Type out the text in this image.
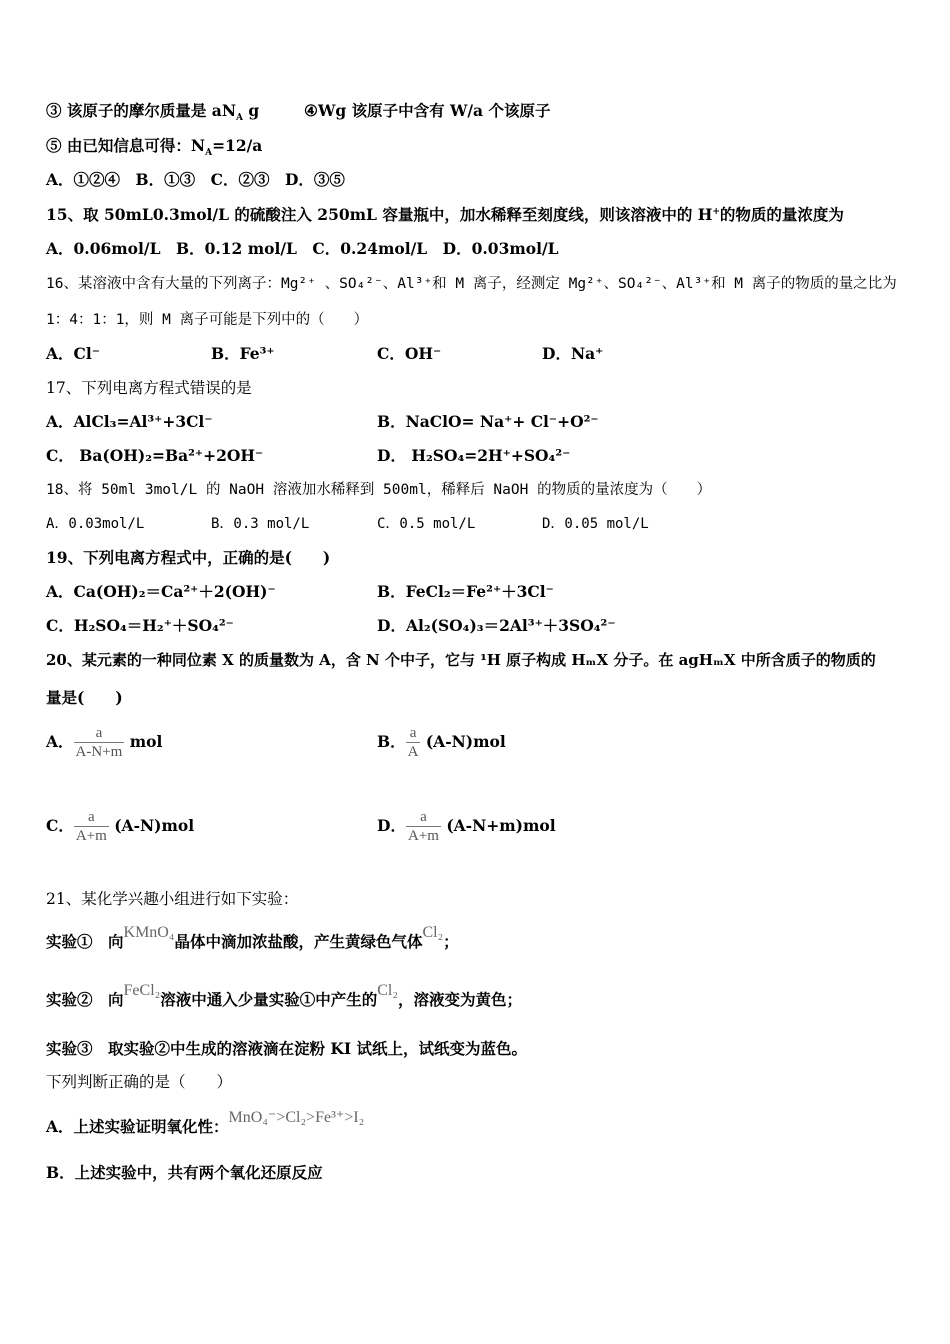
③ 该原子的摩尔质量是 $aN_A$ g	④Wg 该原子中含有 W/a 个该原子
⑤ 由已知信息可得：$N_A=12/a$
A．①②④　B．①③　C．②③　D．③⑤
15、取 50mL0.3mol/L 的硫酸注入 250mL 容量瓶中，加水稀释至刻度线，则该溶液中的 H+的物质的量浓度为
A．0.06mol/L　B．0.12 mol/L　C．0.24mol/L　D．0.03mol/L
16、某溶液中含有大量的下列离子：Mg²⁺ 、SO₄²⁻、Al³⁺和 M 离子，经测定 Mg²⁺、SO₄²⁻、Al³⁺和 M 离子的物质的量之比为
1：4：1：1，则 M 离子可能是下列中的（　　）
A．Cl⁻	B．Fe³⁺	C．OH⁻	D．Na⁺
17、下列电离方程式错误的是
A．AlCl₃=Al³⁺+3Cl⁻	B．NaClO= Na⁺+ Cl⁻+O²⁻
C． Ba(OH)₂=Ba²⁺+2OH⁻	D． H₂SO₄=2H⁺+SO₄²⁻
18、将 50ml 3mol/L 的 NaOH 溶液加水稀释到 500ml，稀释后 NaOH 的物质的量浓度为（　　）
A．0.03mol/L	B．0.3 mol/L	C．0.5 mol/L	D．0.05 mol/L
19、下列电离方程式中，正确的是(　　)
A．Ca(OH)₂＝Ca²⁺＋2(OH)⁻	B．FeCl₂＝Fe²⁺＋3Cl⁻
C．H₂SO₄＝H₂⁺＋SO₄²⁻	D．Al₂(SO₄)₃＝2Al³⁺＋3SO₄²⁻
20、某元素的一种同位素 X 的质量数为 A，含 N 个中子，它与 ¹H 原子构成 HₘX 分子。在 agHₘX 中所含质子的物质的
量是(　　)
A． $\frac{a}{A-N+m}$ mol	B． $\frac{a}{A} (A-N)mol$
C． $\frac{a}{A+m} (A-N)mol$	D． $\frac{a}{A+m} (A-N+m)mol$
21、某化学兴趣小组进行如下实验：
实验①　向KMnO₄晶体中滴加浓盐酸，产生黄绿色气体Cl₂；
实验②　向FeCl₂溶液中通入少量实验①中产生的Cl₂，溶液变为黄色；
实验③　取实验②中生成的溶液滴在淀粉 KI 试纸上，试纸变为蓝色。
下列判断正确的是（　　）
A．上述实验证明氧化性：MnO₄⁻>Cl₂>Fe³⁺>I₂
B．上述实验中，共有两个氧化还原反应
